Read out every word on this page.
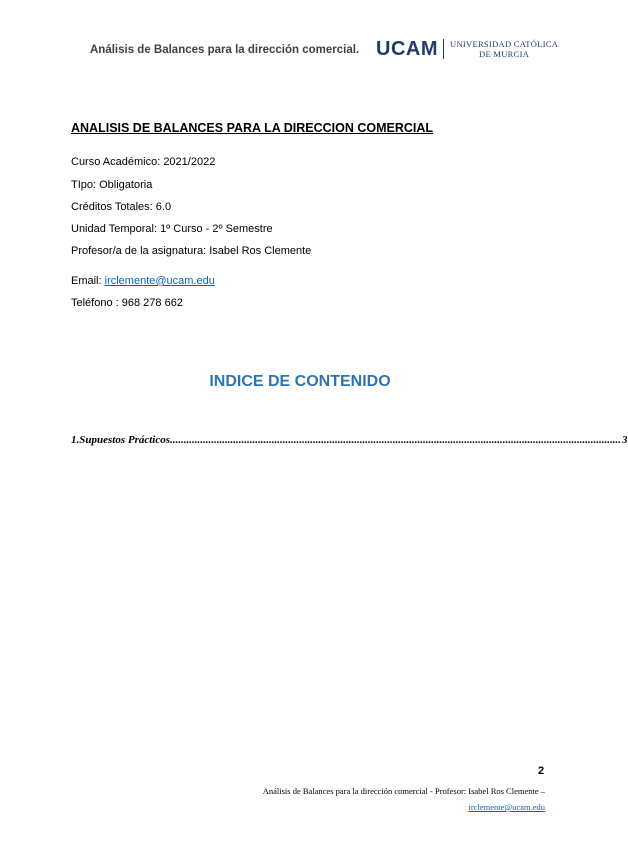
Análisis de Balances para la dirección comercial. UCAM UNIVERSIDAD CATÓLICA
DE MURCIA
ANALISIS DE BALANCES PARA LA DIRECCION COMERCIAL
Curso Académico: 2021/2022
TIpo: Obligatoria
Créditos Totales: 6.0
Unidad Temporal: 1º Curso - 2º Semestre
Profesor/a de la asignatura: Isabel Ros Clemente
Email: irclemente@ucam.edu
Teléfono : 968 278 662
INDICE DE CONTENIDO
1. Supuestos Prácticos .................................................................................................................................................................... 3
2
Análisis de Balances para la dirección comercial - Profesor: Isabel Ros Clemente –
irclemente@ucam.edu
